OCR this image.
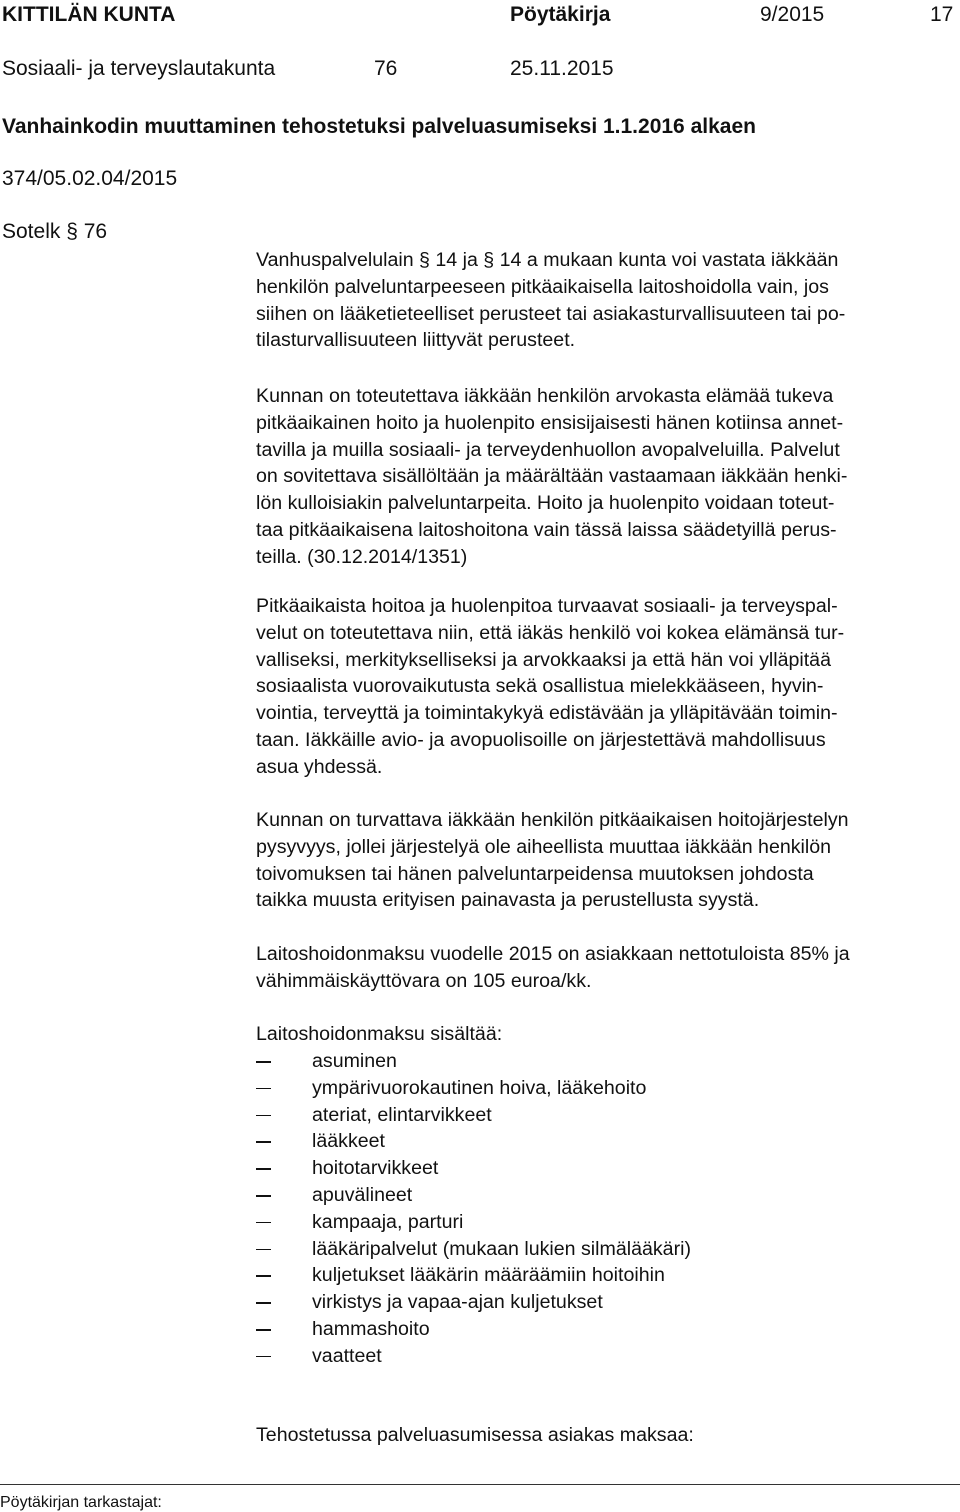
KITTILÄN KUNTA	Pöytäkirja	9/2015	17
Sosiaali- ja terveyslautakunta	76	25.11.2015
Vanhainkodin muuttaminen tehostetuksi palveluasumiseksi 1.1.2016 alkaen
374/05.02.04/2015
Sotelk § 76

Vanhuspalvelulain § 14 ja § 14 a mukaan kunta voi vastata iäkkään
henkilön palveluntarpeeseen pitkäaikaisella laitoshoidolla vain, jos
siihen on lääketieteelliset perusteet tai asiakasturvallisuuteen tai po-
tilasturvallisuuteen liittyvät perusteet.

Kunnan on toteutettava iäkkään henkilön arvokasta elämää tukeva
pitkäaikainen hoito ja huolenpito ensisijaisesti hänen kotiinsa annet-
tavilla ja muilla sosiaali- ja terveydenhuollon avopalveluilla. Palvelut
on sovitettava sisällöltään ja määrältään vastaamaan iäkkään henki-
lön kulloisiakin palveluntarpeita. Hoito ja huolenpito voidaan toteut-
taa pitkäaikaisena laitoshoitona vain tässä laissa säädetyillä perus-
teilla. (30.12.2014/1351)

Pitkäaikaista hoitoa ja huolenpitoa turvaavat sosiaali- ja terveyspal-
velut on toteutettava niin, että iäkäs henkilö voi kokea elämänsä tur-
valliseksi, merkitykselliseksi ja arvokkaaksi ja että hän voi ylläpitää
sosiaalista vuorovaikutusta sekä osallistua mielekkääseen, hyvin-
vointia, terveyttä ja toimintakykyä edistävään ja ylläpitävään toimin-
taan. Iäkkäille avio- ja avopuolisoille on järjestettävä mahdollisuus
asua yhdessä.

Kunnan on turvattava iäkkään henkilön pitkäaikaisen hoitojärjestelyn
pysyvyys, jollei järjestelyä ole aiheellista muuttaa iäkkään henkilön
toivomuksen tai hänen palveluntarpeidensa muutoksen johdosta
taikka muusta erityisen painavasta ja perustellusta syystä.

Laitoshoidonmaksu vuodelle 2015 on asiakkaan nettotuloista 85% ja
vähimmäiskäyttövara on 105 euroa/kk.

Laitoshoidonmaksu sisältää:

asuminen
ympärivuorokautinen hoiva, lääkehoito
ateriat, elintarvikkeet
lääkkeet
hoitotarvikkeet
apuvälineet
kampaaja, parturi
lääkäripalvelut (mukaan lukien silmälääkäri)
kuljetukset lääkärin määräämiin hoitoihin
virkistys ja vapaa-ajan kuljetukset
hammashoito
vaatteet

Tehostetussa palveluasumisessa asiakas maksaa:

Pöytäkirjan tarkastajat:
